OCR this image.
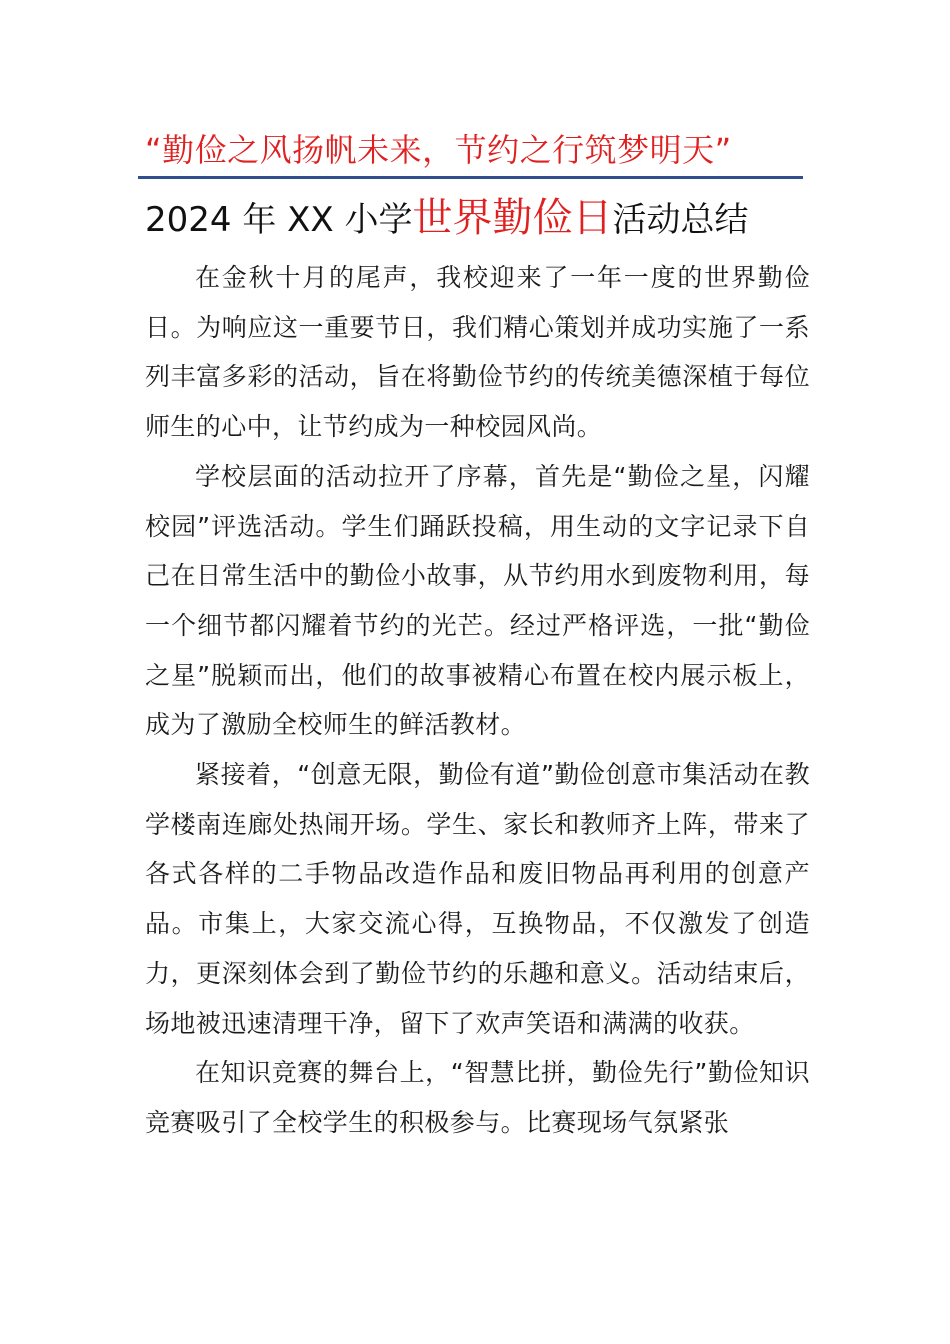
“勤俭之风扬帆未来，节约之行筑梦明天”
2024 年 XX 小学世界勤俭日活动总结

在金秋十月的尾声，我校迎来了一年一度的世界勤俭日。为响应这一重要节日，我们精心策划并成功实施了一系列丰富多彩的活动，旨在将勤俭节约的传统美德深植于每位师生的心中，让节约成为一种校园风尚。

学校层面的活动拉开了序幕，首先是“勤俭之星，闪耀校园”评选活动。学生们踊跃投稿，用生动的文字记录下自己在日常生活中的勤俭小故事，从节约用水到废物利用，每一个细节都闪耀着节约的光芒。经过严格评选，一批“勤俭之星”脱颖而出，他们的故事被精心布置在校内展示板上，成为了激励全校师生的鲜活教材。

紧接着，“创意无限，勤俭有道”勤俭创意市集活动在教学楼南连廊处热闹开场。学生、家长和教师齐上阵，带来了各式各样的二手物品改造作品和废旧物品再利用的创意产品。市集上，大家交流心得，互换物品，不仅激发了创造力，更深刻体会到了勤俭节约的乐趣和意义。活动结束后，场地被迅速清理干净，留下了欢声笑语和满满的收获。

在知识竞赛的舞台上，“智慧比拼，勤俭先行”勤俭知识竞赛吸引了全校学生的积极参与。比赛现场气氛紧张
